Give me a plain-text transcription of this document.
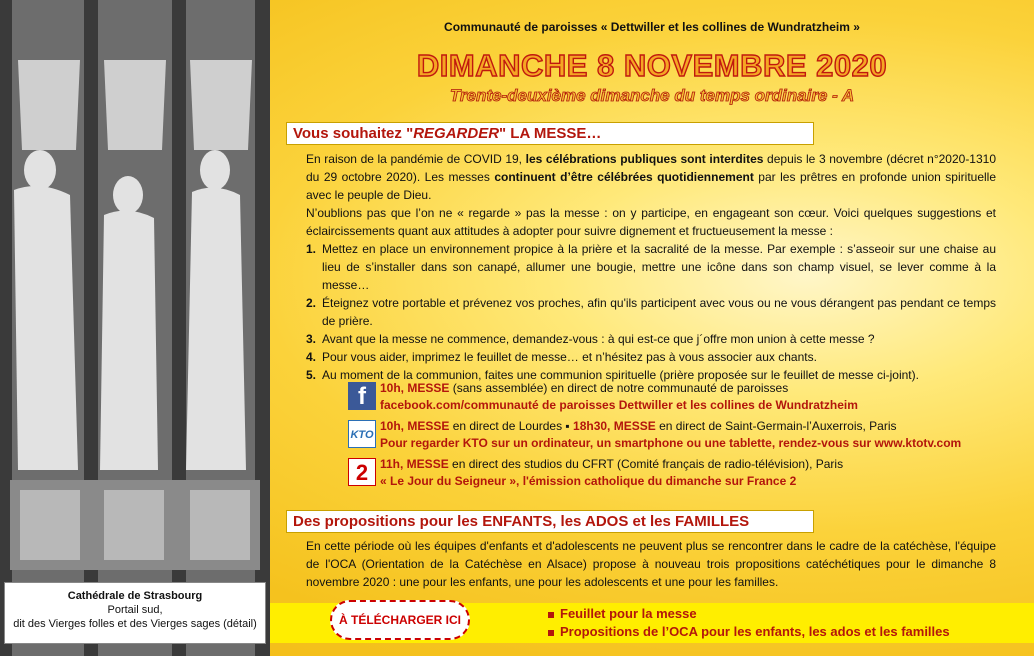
Cathédrale de Strasbourg
Portail sud,
dit des Vierges folles et des Vierges sages (détail)
Communauté de paroisses « Dettwiller et les collines de Wundratzheim »
DIMANCHE 8 NOVEMBRE 2020
Trente-deuxième dimanche du temps ordinaire - A
Vous souhaitez "REGARDER" LA MESSE…

En raison de la pandémie de COVID 19, les célébrations publiques sont interdites depuis le 3 novembre (décret n°2020-1310 du 29 octobre 2020). Les messes continuent d’être célébrées quotidiennement par les prêtres en profonde union spirituelle avec le peuple de Dieu.

N’oublions pas que l’on ne « regarde » pas la messe : on y participe, en engageant son cœur. Voici quelques suggestions et éclaircissements quant aux attitudes à adopter pour suivre dignement et fructueusement la messe :

1. Mettez en place un environnement propice à la prière et la sacralité de la messe. Par exemple : s’asseoir sur une chaise au lieu de s’installer dans son canapé, allumer une bougie, mettre une icône dans son champ visuel, se lever comme à la messe…
2. Éteignez votre portable et prévenez vos proches, afin qu'ils participent avec vous ou ne vous dérangent pas pendant ce temps de prière.
3. Avant que la messe ne commence, demandez-vous : à qui est-ce que j´offre mon union à cette messe ?
4. Pour vous aider, imprimez le feuillet de messe… et n’hésitez pas à vous associer aux chants.
5. Au moment de la communion, faites une communion spirituelle (prière proposée sur le feuillet de messe ci-joint).
f	10h, MESSE (sans assemblée) en direct de notre communauté de paroisses
facebook.com/communauté de paroisses Dettwiller et les collines de Wundratzheim
KTO
10h, MESSE en direct de Lourdes ▪ 18h30, MESSE en direct de Saint-Germain-l’Auxerrois, Paris
Pour regarder KTO sur un ordinateur, un smartphone ou une tablette, rendez-vous sur www.ktotv.com
2 11h, MESSE en direct des studios du CFRT (Comité français de radio-télévision), Paris
« Le Jour du Seigneur », l'émission catholique du dimanche sur France 2
Des propositions pour les ENFANTS, les ADOS et les FAMILLES

En cette période où les équipes d'enfants et d'adolescents ne peuvent plus se rencontrer dans le cadre de la catéchèse, l'équipe de l'OCA (Orientation de la Catéchèse en Alsace) propose à nouveau trois propositions catéchétiques pour le dimanche 8 novembre 2020 : une pour les enfants, une pour les adolescents et une pour les familles.

À TÉLÉCHARGER ICI	Feuillet pour la messe
Propositions de l’OCA pour les enfants, les ados et les familles
